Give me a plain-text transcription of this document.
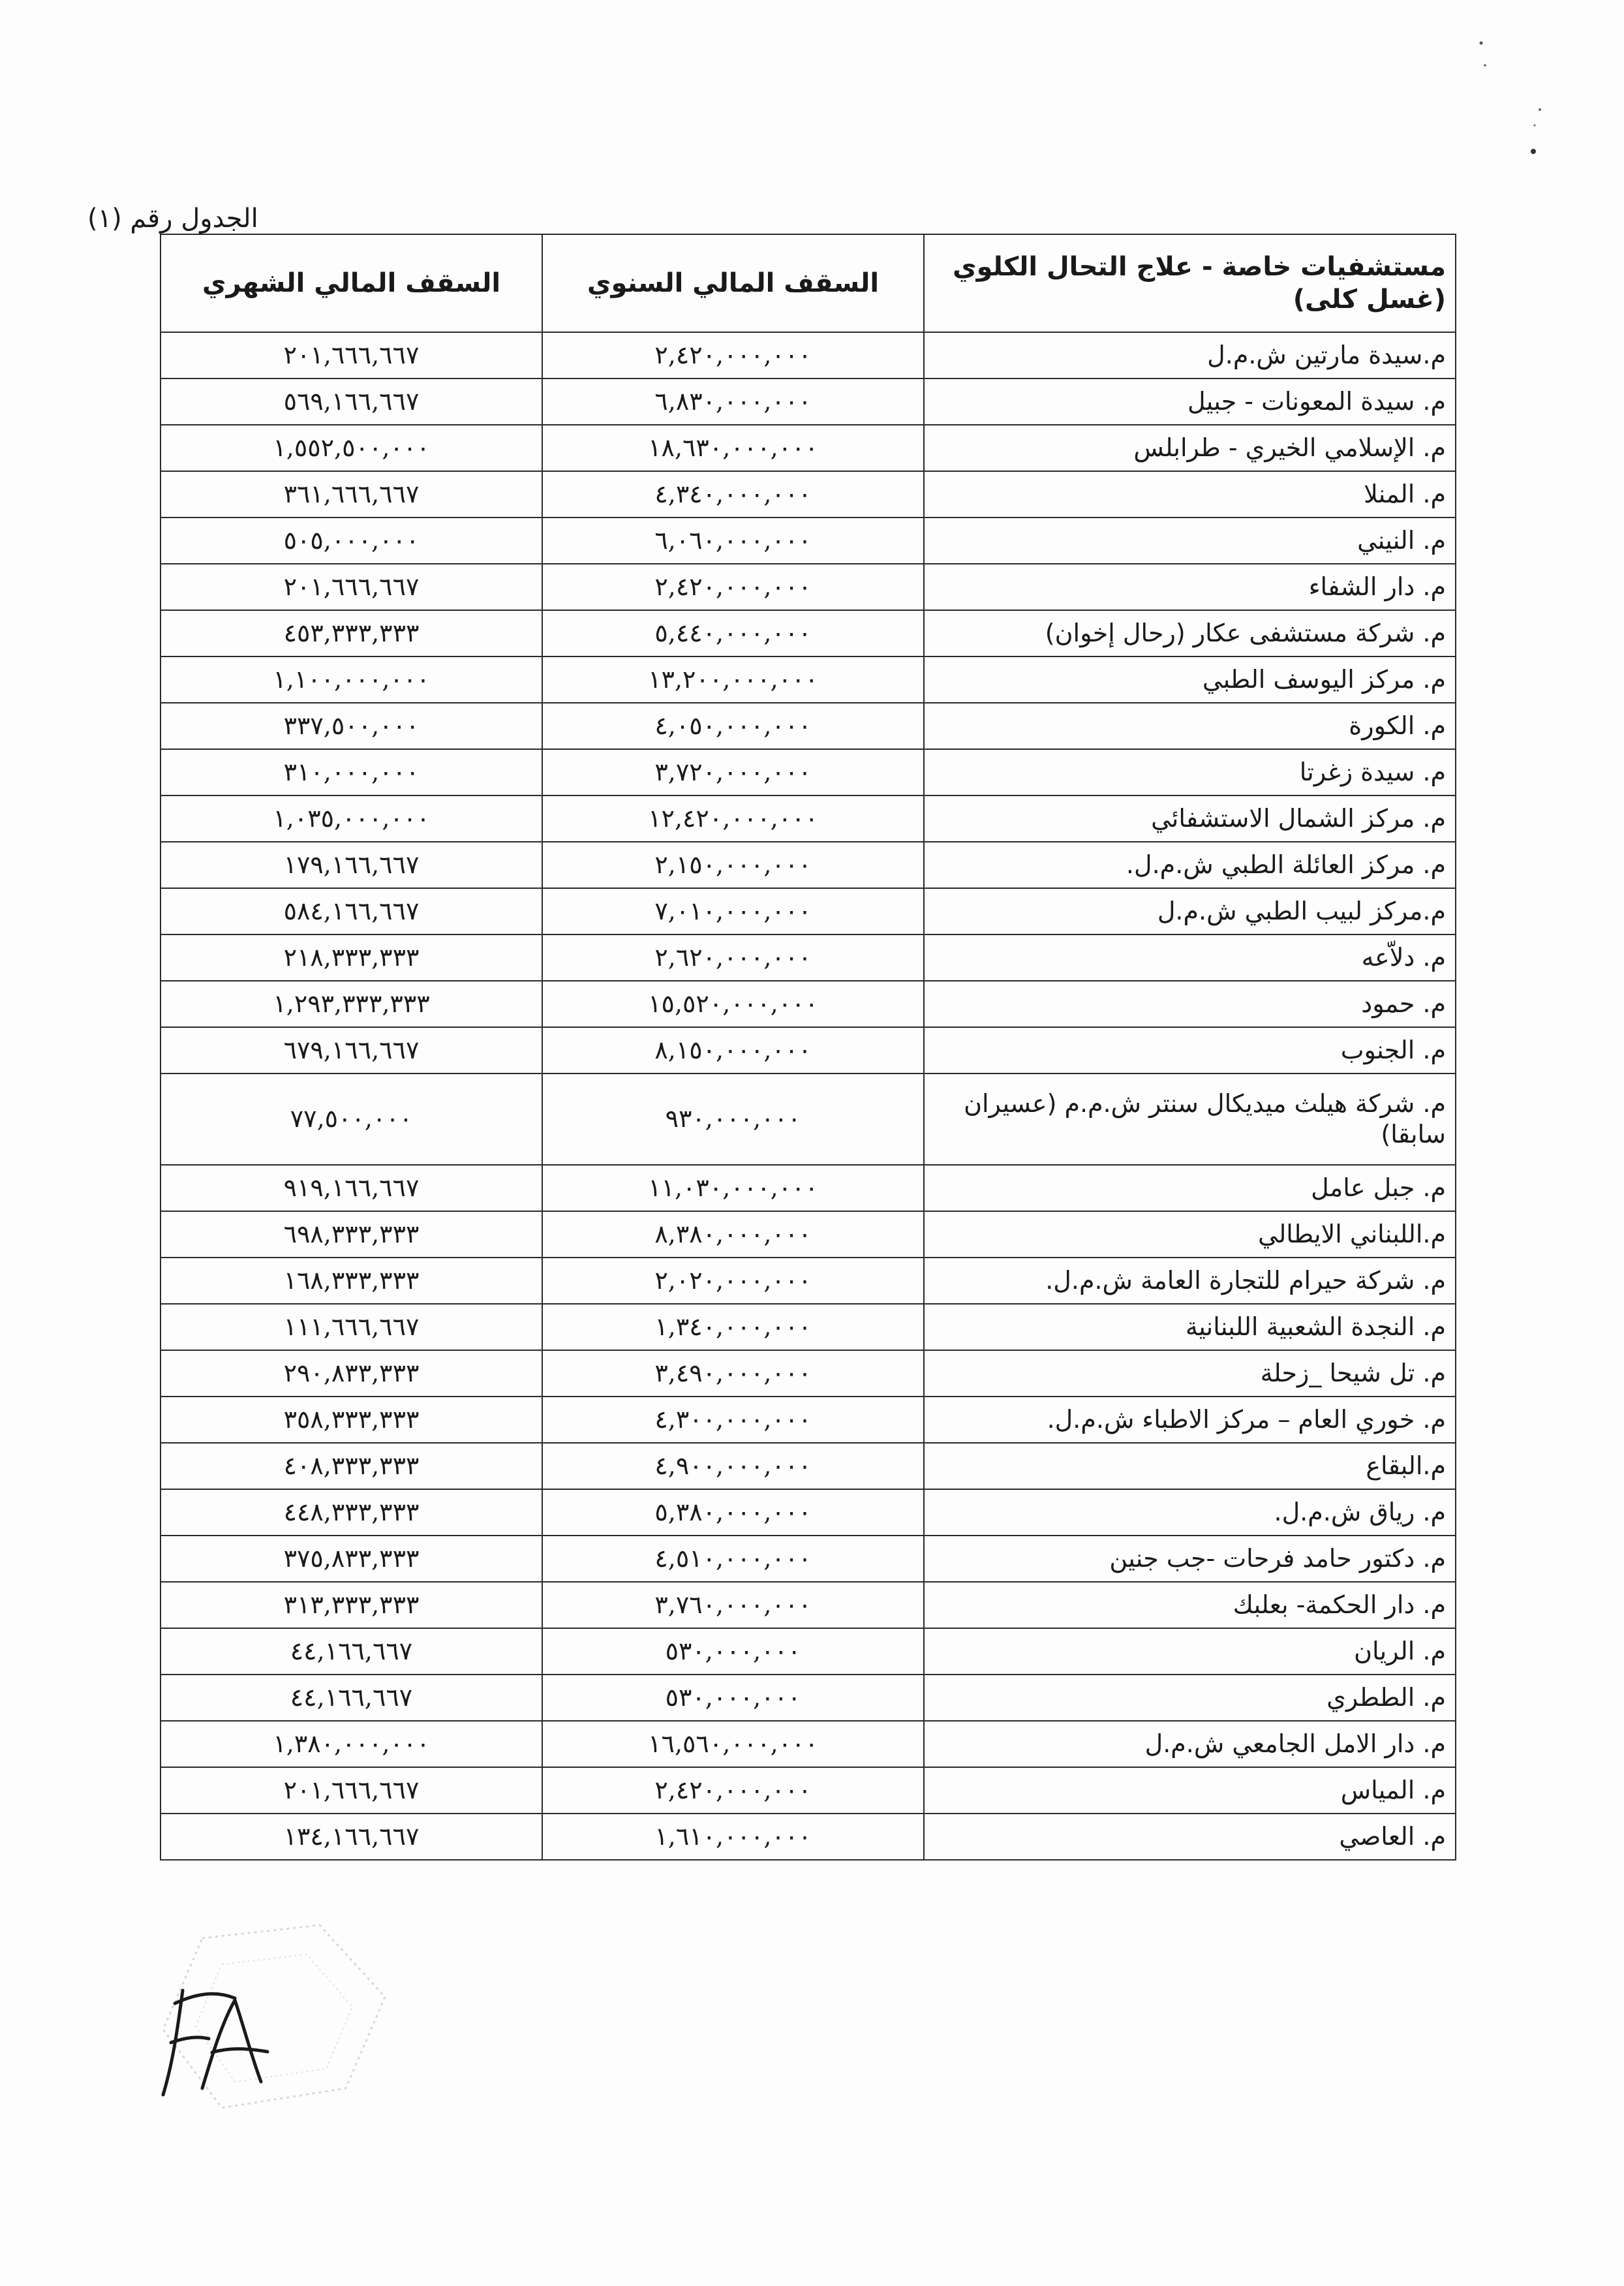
الجدول رقم (١)
مستشفيات خاصة - علاج التحال الكلوي (غسل كلى)	السقف المالي السنوي	السقف المالي الشهري
م.سيدة مارتين ش.م.ل	٢,٤٢٠,٠٠٠,٠٠٠	٢٠١,٦٦٦,٦٦٧
م. سيدة المعونات - جبيل	٦,٨٣٠,٠٠٠,٠٠٠	٥٦٩,١٦٦,٦٦٧
م. الإسلامي الخيري - طرابلس	١٨,٦٣٠,٠٠٠,٠٠٠	١,٥٥٢,٥٠٠,٠٠٠
م. المنلا	٤,٣٤٠,٠٠٠,٠٠٠	٣٦١,٦٦٦,٦٦٧
م. النيني	٦,٠٦٠,٠٠٠,٠٠٠	٥٠٥,٠٠٠,٠٠٠
م. دار الشفاء	٢,٤٢٠,٠٠٠,٠٠٠	٢٠١,٦٦٦,٦٦٧
م. شركة مستشفى عكار (رحال إخوان)	٥,٤٤٠,٠٠٠,٠٠٠	٤٥٣,٣٣٣,٣٣٣
م. مركز اليوسف الطبي	١٣,٢٠٠,٠٠٠,٠٠٠	١,١٠٠,٠٠٠,٠٠٠
م. الكورة	٤,٠٥٠,٠٠٠,٠٠٠	٣٣٧,٥٠٠,٠٠٠
م. سيدة زغرتا	٣,٧٢٠,٠٠٠,٠٠٠	٣١٠,٠٠٠,٠٠٠
م. مركز الشمال الاستشفائي	١٢,٤٢٠,٠٠٠,٠٠٠	١,٠٣٥,٠٠٠,٠٠٠
م. مركز العائلة الطبي ش.م.ل.	٢,١٥٠,٠٠٠,٠٠٠	١٧٩,١٦٦,٦٦٧
م.مركز لبيب الطبي ش.م.ل	٧,٠١٠,٠٠٠,٠٠٠	٥٨٤,١٦٦,٦٦٧
م. دلاّعه	٢,٦٢٠,٠٠٠,٠٠٠	٢١٨,٣٣٣,٣٣٣
م. حمود	١٥,٥٢٠,٠٠٠,٠٠٠	١,٢٩٣,٣٣٣,٣٣٣
م. الجنوب	٨,١٥٠,٠٠٠,٠٠٠	٦٧٩,١٦٦,٦٦٧
م. شركة هيلث ميديكال سنتر ش.م.م (عسيران سابقا)	٩٣٠,٠٠٠,٠٠٠	٧٧,٥٠٠,٠٠٠
م. جبل عامل	١١,٠٣٠,٠٠٠,٠٠٠	٩١٩,١٦٦,٦٦٧
م.اللبناني الايطالي	٨,٣٨٠,٠٠٠,٠٠٠	٦٩٨,٣٣٣,٣٣٣
م. شركة حيرام للتجارة العامة ش.م.ل.	٢,٠٢٠,٠٠٠,٠٠٠	١٦٨,٣٣٣,٣٣٣
م. النجدة الشعبية اللبنانية	١,٣٤٠,٠٠٠,٠٠٠	١١١,٦٦٦,٦٦٧
م. تل شيحا _زحلة	٣,٤٩٠,٠٠٠,٠٠٠	٢٩٠,٨٣٣,٣٣٣
م. خوري العام – مركز الاطباء ش.م.ل.	٤,٣٠٠,٠٠٠,٠٠٠	٣٥٨,٣٣٣,٣٣٣
م.البقاع	٤,٩٠٠,٠٠٠,٠٠٠	٤٠٨,٣٣٣,٣٣٣
م. رياق ش.م.ل.	٥,٣٨٠,٠٠٠,٠٠٠	٤٤٨,٣٣٣,٣٣٣
م. دكتور حامد فرحات -جب جنين	٤,٥١٠,٠٠٠,٠٠٠	٣٧٥,٨٣٣,٣٣٣
م. دار الحكمة- بعلبك	٣,٧٦٠,٠٠٠,٠٠٠	٣١٣,٣٣٣,٣٣٣
م. الريان	٥٣٠,٠٠٠,٠٠٠	٤٤,١٦٦,٦٦٧
م. الططري	٥٣٠,٠٠٠,٠٠٠	٤٤,١٦٦,٦٦٧
م. دار الامل الجامعي ش.م.ل	١٦,٥٦٠,٠٠٠,٠٠٠	١,٣٨٠,٠٠٠,٠٠٠
م. المياس	٢,٤٢٠,٠٠٠,٠٠٠	٢٠١,٦٦٦,٦٦٧
م. العاصي	١,٦١٠,٠٠٠,٠٠٠	١٣٤,١٦٦,٦٦٧
